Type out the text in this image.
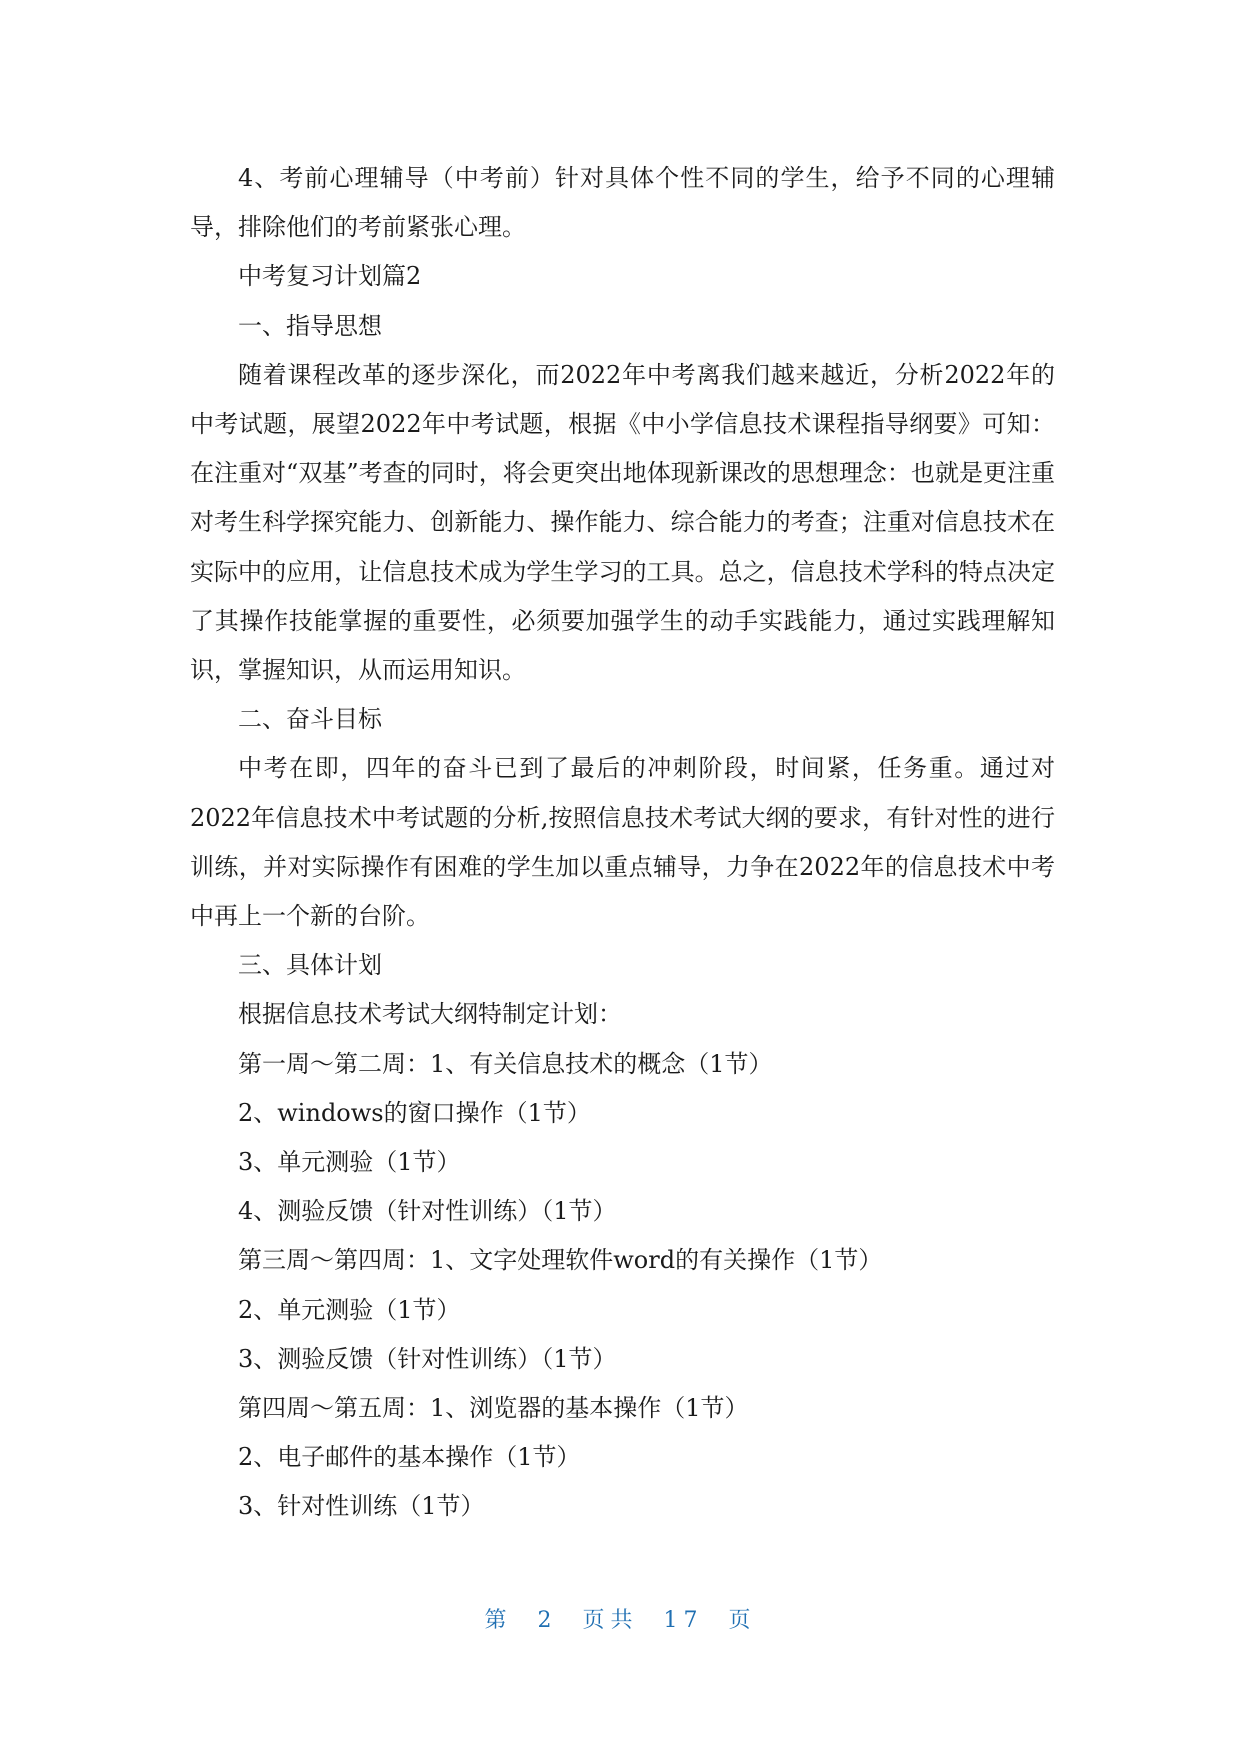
4、考前心理辅导（中考前）针对具体个性不同的学生，给予不同的心理辅导，排除他们的考前紧张心理。

中考复习计划篇2

一、指导思想

随着课程改革的逐步深化，而2022年中考离我们越来越近，分析2022年的中考试题，展望2022年中考试题，根据《中小学信息技术课程指导纲要》可知：在注重对“双基”考查的同时，将会更突出地体现新课改的思想理念：也就是更注重对考生科学探究能力、创新能力、操作能力、综合能力的考查；注重对信息技术在实际中的应用，让信息技术成为学生学习的工具。总之，信息技术学科的特点决定了其操作技能掌握的重要性，必须要加强学生的动手实践能力，通过实践理解知识，掌握知识，从而运用知识。

二、奋斗目标

中考在即，四年的奋斗已到了最后的冲刺阶段，时间紧，任务重。通过对2022年信息技术中考试题的分析,按照信息技术考试大纲的要求，有针对性的进行训练，并对实际操作有困难的学生加以重点辅导，力争在2022年的信息技术中考中再上一个新的台阶。

三、具体计划

根据信息技术考试大纲特制定计划：

第一周～第二周：1、有关信息技术的概念（1节）

2、windows的窗口操作（1节）

3、单元测验（1节）

4、测验反馈（针对性训练）（1节）

第三周～第四周：1、文字处理软件word的有关操作（1节）

2、单元测验（1节）

3、测验反馈（针对性训练）（1节）

第四周～第五周：1、浏览器的基本操作（1节）

2、电子邮件的基本操作（1节）

3、针对性训练（1节）

第 2 页共 17 页
